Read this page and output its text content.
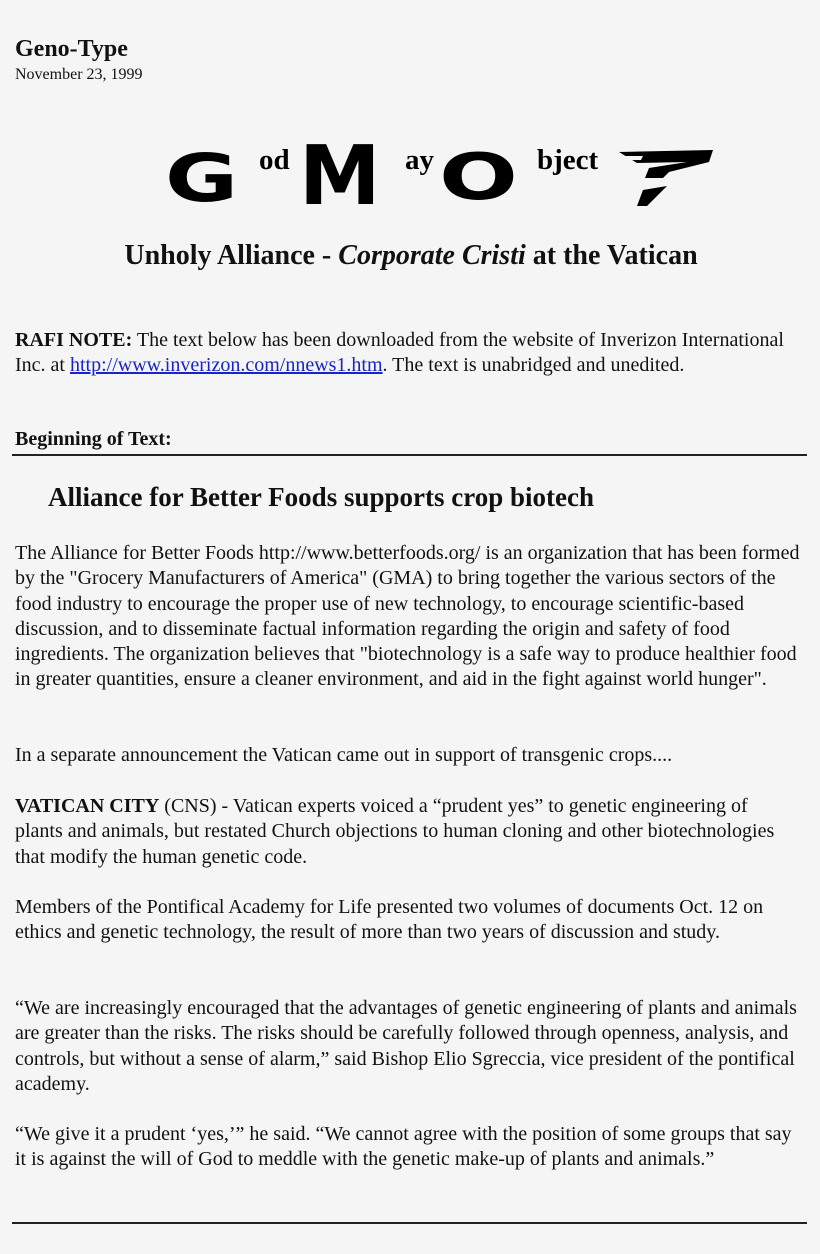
Geno-Type
November 23, 1999
G od M ay O bject
Unholy Alliance - Corporate Cristi at the Vatican
RAFI NOTE: The text below has been downloaded from the website of Inverizon International Inc. at http://www.inverizon.com/nnews1.htm. The text is unabridged and unedited.
Beginning of Text:
Alliance for Better Foods supports crop biotech
The Alliance for Better Foods http://www.betterfoods.org/ is an organization that has been formed by the "Grocery Manufacturers of America" (GMA) to bring together the various sectors of the food industry to encourage the proper use of new technology, to encourage scientific-based discussion, and to disseminate factual information regarding the origin and safety of food ingredients. The organization believes that "biotechnology is a safe way to produce healthier food in greater quantities, ensure a cleaner environment, and aid in the fight against world hunger".
In a separate announcement the Vatican came out in support of transgenic crops....
VATICAN CITY (CNS) - Vatican experts voiced a “prudent yes” to genetic engineering of plants and animals, but restated Church objections to human cloning and other biotechnologies that modify the human genetic code.
Members of the Pontifical Academy for Life presented two volumes of documents Oct. 12 on ethics and genetic technology, the result of more than two years of discussion and study.
“We are increasingly encouraged that the advantages of genetic engineering of plants and animals are greater than the risks. The risks should be carefully followed through openness, analysis, and controls, but without a sense of alarm,” said Bishop Elio Sgreccia, vice president of the pontifical academy.
“We give it a prudent ‘yes,’” he said. “We cannot agree with the position of some groups that say it is against the will of God to meddle with the genetic make-up of plants and animals.”
